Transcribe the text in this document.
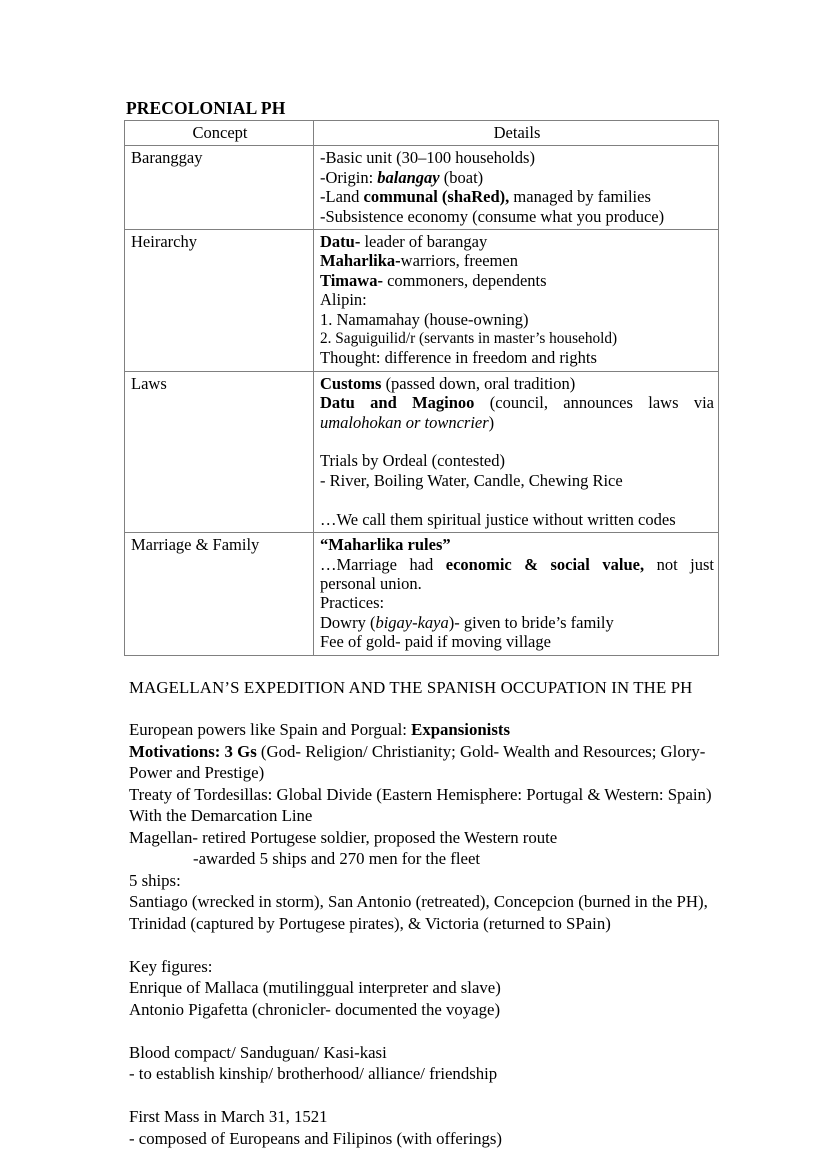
PRECOLONIAL PH
Concept	Details
Baranggay	-Basic unit (30–100 households)
-Origin: balangay (boat)
-Land communal (shaRed), managed by families
-Subsistence economy (consume what you produce)

Heirarchy	Datu- leader of barangay
Maharlika-warriors, freemen
Timawa- commoners, dependents
Alipin:
1. Namamahay (house-owning)
2. Saguiguilid/r (servants in master’s household)
Thought: difference in freedom and rights

Laws	Customs (passed down, oral tradition)
Datu and Maginoo (council, announces laws via umalohokan or towncrier)
Trials by Ordeal (contested)
- River, Boiling Water, Candle, Chewing Rice
…We call them spiritual justice without written codes

Marriage & Family	“Maharlika rules”
…Marriage had economic & social value, not just personal union.
Practices:
Dowry (bigay-kaya)- given to bride’s family
Fee of gold- paid if moving village
MAGELLAN’S EXPEDITION AND THE SPANISH OCCUPATION IN THE PH
European powers like Spain and Porgual: Expansionists
Motivations: 3 Gs (God- Religion/ Christianity; Gold- Wealth and Resources; Glory-
Power and Prestige)
Treaty of Tordesillas: Global Divide (Eastern Hemisphere: Portugal & Western: Spain)
With the Demarcation Line
Magellan- retired Portugese soldier, proposed the Western route
-awarded 5 ships and 270 men for the fleet
5 ships:
Santiago (wrecked in storm), San Antonio (retreated), Concepcion (burned in the PH),
Trinidad (captured by Portugese pirates), & Victoria (returned to SPain)
Key figures:
Enrique of Mallaca (mutilinggual interpreter and slave)
Antonio Pigafetta (chronicler- documented the voyage)
Blood compact/ Sanduguan/ Kasi-kasi
- to establish kinship/ brotherhood/ alliance/ friendship
First Mass in March 31, 1521
- composed of Europeans and Filipinos (with offerings)
